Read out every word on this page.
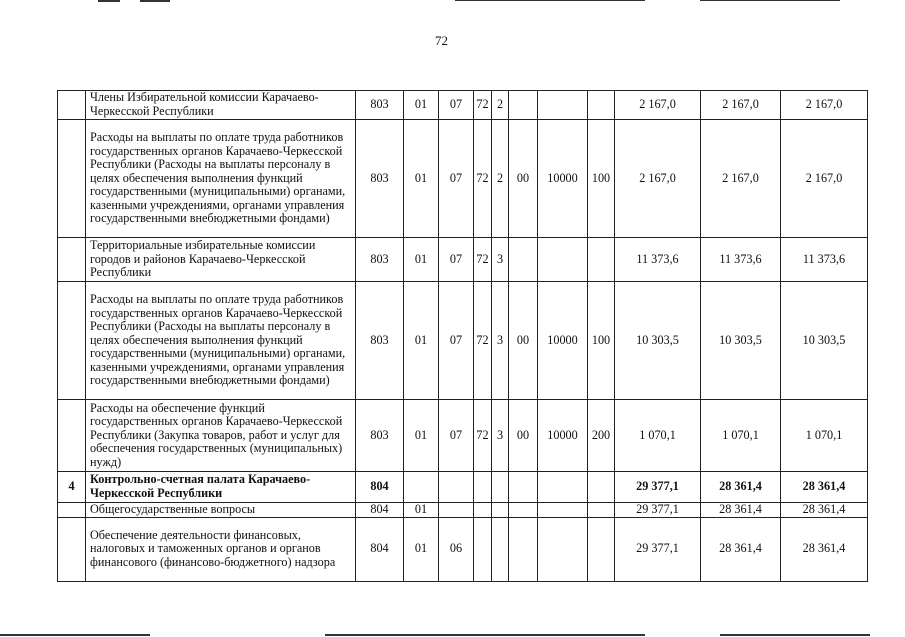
72
	Члены Избирательной комиссии Карачаево-Черкесской Республики	803	01	07	72	2				2 167,0	2 167,0	2 167,0
	Расходы на выплаты по оплате труда работников государственных органов Карачаево-Черкесской Республики (Расходы на выплаты персоналу в целях обеспечения выполнения функций государственными (муниципальными) органами, казенными учреждениями, органами управления государственными внебюджетными фондами)	803	01	07	72	2	00	10000	100	2 167,0	2 167,0	2 167,0
	Территориальные избирательные комиссии городов и районов Карачаево-Черкесской Республики	803	01	07	72	3				11 373,6	11 373,6	11 373,6
	Расходы на выплаты по оплате труда работников государственных органов Карачаево-Черкесской Республики (Расходы на выплаты персоналу в целях обеспечения выполнения функций государственными (муниципальными) органами, казенными учреждениями, органами управления государственными внебюджетными фондами)	803	01	07	72	3	00	10000	100	10 303,5	10 303,5	10 303,5
	Расходы на обеспечение функций государственных органов Карачаево-Черкесской Республики (Закупка товаров, работ и услуг для обеспечения государственных (муниципальных) нужд)	803	01	07	72	3	00	10000	200	1 070,1	1 070,1	1 070,1
4	Контрольно-счетная палата Карачаево-Черкесской Республики	804								29 377,1	28 361,4	28 361,4
	Общегосударственные вопросы	804	01							29 377,1	28 361,4	28 361,4
	Обеспечение деятельности финансовых, налоговых и таможенных органов и органов финансового (финансово-бюджетного) надзора	804	01	06						29 377,1	28 361,4	28 361,4
